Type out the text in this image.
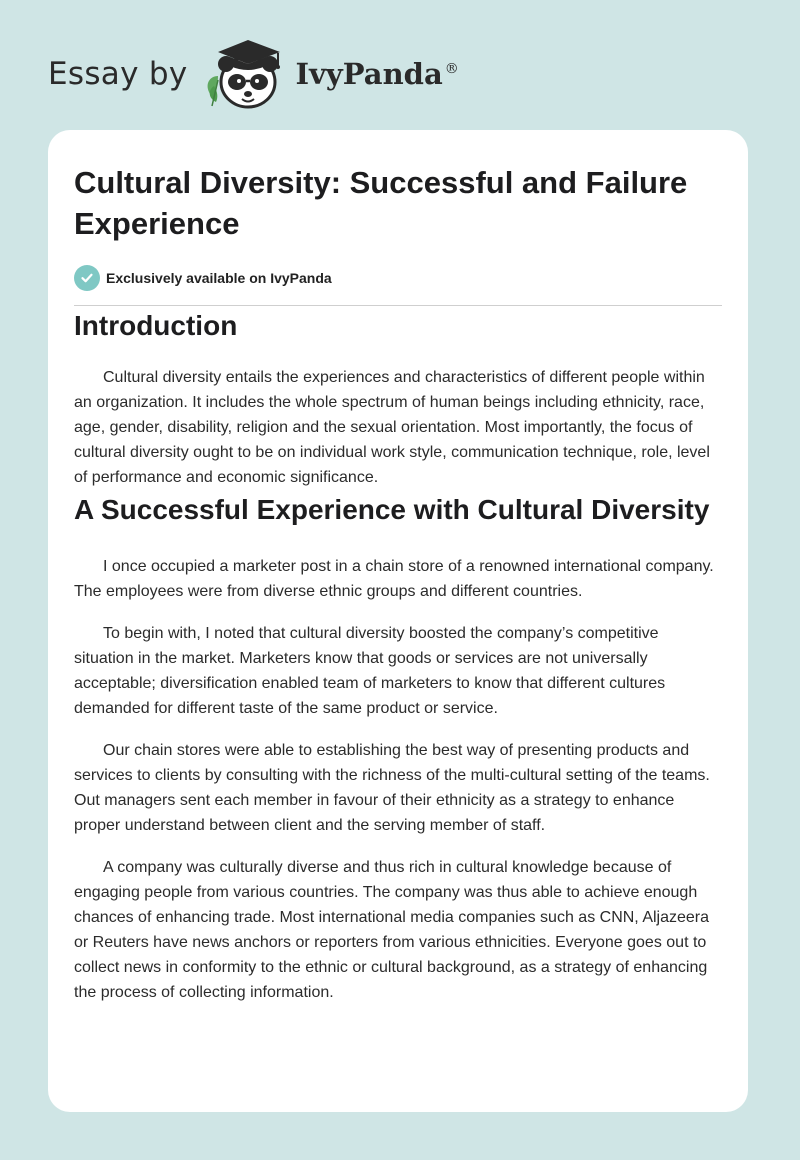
Essay by	IvyPanda ®
Cultural Diversity: Successful and Failure Experience
Exclusively available on IvyPanda
Introduction

Cultural diversity entails the experiences and characteristics of different people within an organization. It includes the whole spectrum of human beings including ethnicity, race, age, gender, disability, religion and the sexual orientation. Most importantly, the focus of cultural diversity ought to be on individual work style, communication technique, role, level of performance and economic significance.

A Successful Experience with Cultural Diversity

I once occupied a marketer post in a chain store of a renowned international company. The employees were from diverse ethnic groups and different countries.

To begin with, I noted that cultural diversity boosted the company’s competitive situation in the market. Marketers know that goods or services are not universally acceptable; diversification enabled team of marketers to know that different cultures demanded for different taste of the same product or service.

Our chain stores were able to establishing the best way of presenting products and services to clients by consulting with the richness of the multi-cultural setting of the teams. Out managers sent each member in favour of their ethnicity as a strategy to enhance proper understand between client and the serving member of staff.

A company was culturally diverse and thus rich in cultural knowledge because of engaging people from various countries. The company was thus able to achieve enough chances of enhancing trade. Most international media companies such as CNN, Aljazeera or Reuters have news anchors or reporters from various ethnicities. Everyone goes out to collect news in conformity to the ethnic or cultural background, as a strategy of enhancing the process of collecting information.
